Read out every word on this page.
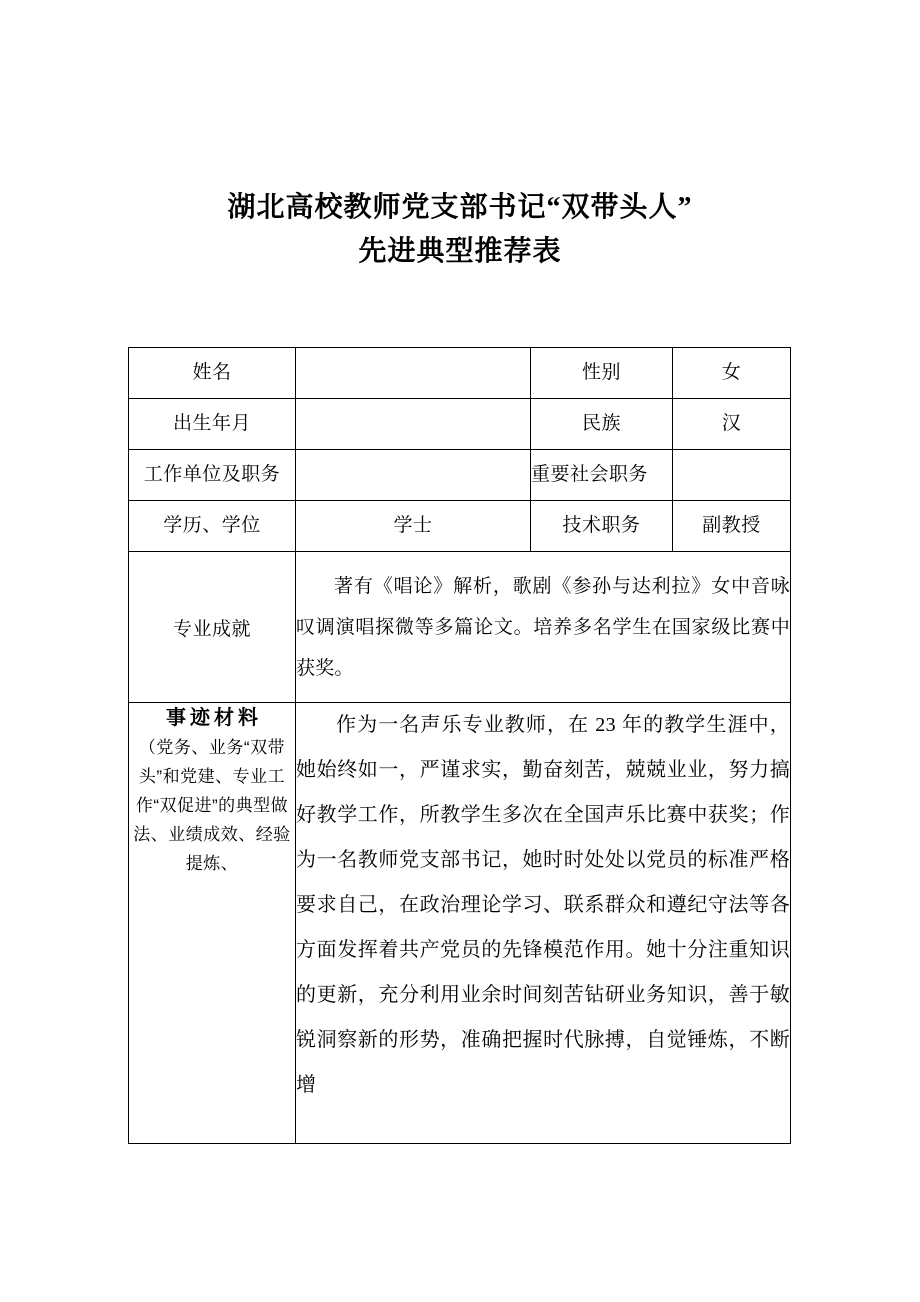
湖北高校教师党支部书记“双带头人”
先进典型推荐表
姓名		性别	女
出生年月		民族	汉
工作单位及职务		重要社会职务	
学历、学位	学士	技术职务	副教授
专业成就	著有《唱论》解析，歌剧《参孙与达利拉》女中音咏叹调演唱探微等多篇论文。培养多名学生在国家级比赛中获奖。		

事迹材料
（党务、业务“双带头”和党建、专业工作“双促进”的典型做法、业绩成效、经验提炼、	作为一名声乐专业教师，在 23 年的教学生涯中，她始终如一，严谨求实，勤奋刻苦，兢兢业业，努力搞好教学工作，所教学生多次在全国声乐比赛中获奖；作为一名教师党支部书记，她时时处处以党员的标准严格要求自己，在政治理论学习、联系群众和遵纪守法等各方面发挥着共产党员的先锋模范作用。她十分注重知识的更新，充分利用业余时间刻苦钻研业务知识，善于敏锐洞察新的形势，准确把握时代脉搏，自觉锤炼，不断增		
